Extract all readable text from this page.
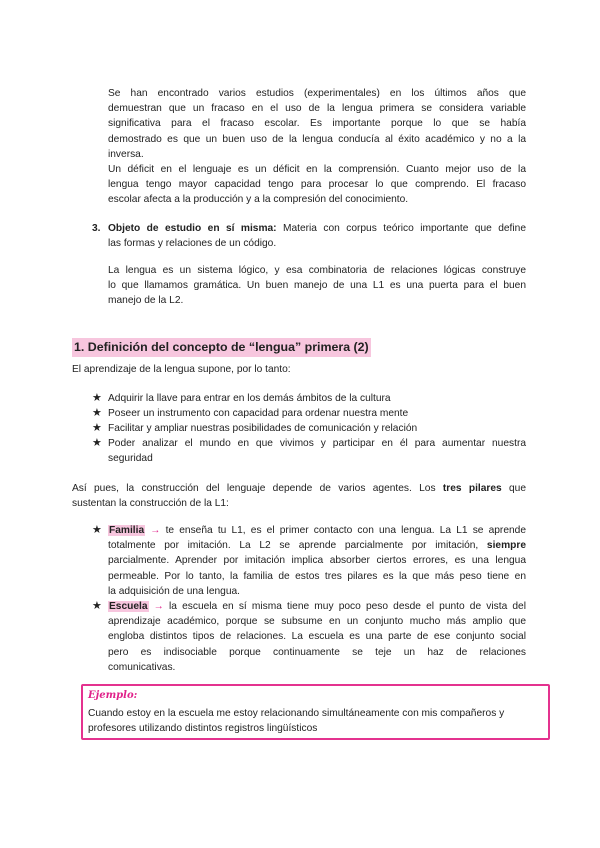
Se han encontrado varios estudios (experimentales) en los últimos años que
demuestran que un fracaso en el uso de la lengua primera se considera variable
significativa para el fracaso escolar. Es importante porque lo que se había
demostrado es que un buen uso de la lengua conducía al éxito académico y no a la
inversa.
Un déficit en el lenguaje es un déficit en la comprensión. Cuanto mejor uso de la
lengua tengo mayor capacidad tengo para procesar lo que comprendo. El fracaso
escolar afecta a la producción y a la compresión del conocimiento.
3. Objeto de estudio en sí misma: Materia con corpus teórico importante que define
las formas y relaciones de un código.
La lengua es un sistema lógico, y esa combinatoria de relaciones lógicas construye
lo que llamamos gramática. Un buen manejo de una L1 es una puerta para el buen
manejo de la L2.
1. Definición del concepto de “lengua” primera (2)
El aprendizaje de la lengua supone, por lo tanto:
★ Adquirir la llave para entrar en los demás ámbitos de la cultura
★ Poseer un instrumento con capacidad para ordenar nuestra mente
★ Facilitar y ampliar nuestras posibilidades de comunicación y relación
★ Poder analizar el mundo en que vivimos y participar en él para aumentar nuestra
seguridad
Así pues, la construcción del lenguaje depende de varios agentes. Los tres pilares que
sustentan la construcción de la L1:
★ Familia → te enseña tu L1, es el primer contacto con una lengua. La L1 se aprende
totalmente por imitación. La L2 se aprende parcialmente por imitación, siempre
parcialmente. Aprender por imitación implica absorber ciertos errores, es una lengua
permeable. Por lo tanto, la familia de estos tres pilares es la que más peso tiene en
la adquisición de una lengua.
★ Escuela → la escuela en sí misma tiene muy poco peso desde el punto de vista del
aprendizaje académico, porque se subsume en un conjunto mucho más amplio que
engloba distintos tipos de relaciones. La escuela es una parte de ese conjunto social
pero es indisociable porque continuamente se teje un haz de relaciones
comunicativas.
Ejemplo:
Cuando estoy en la escuela me estoy relacionando simultáneamente con mis compañeros y
profesores utilizando distintos registros lingüísticos
